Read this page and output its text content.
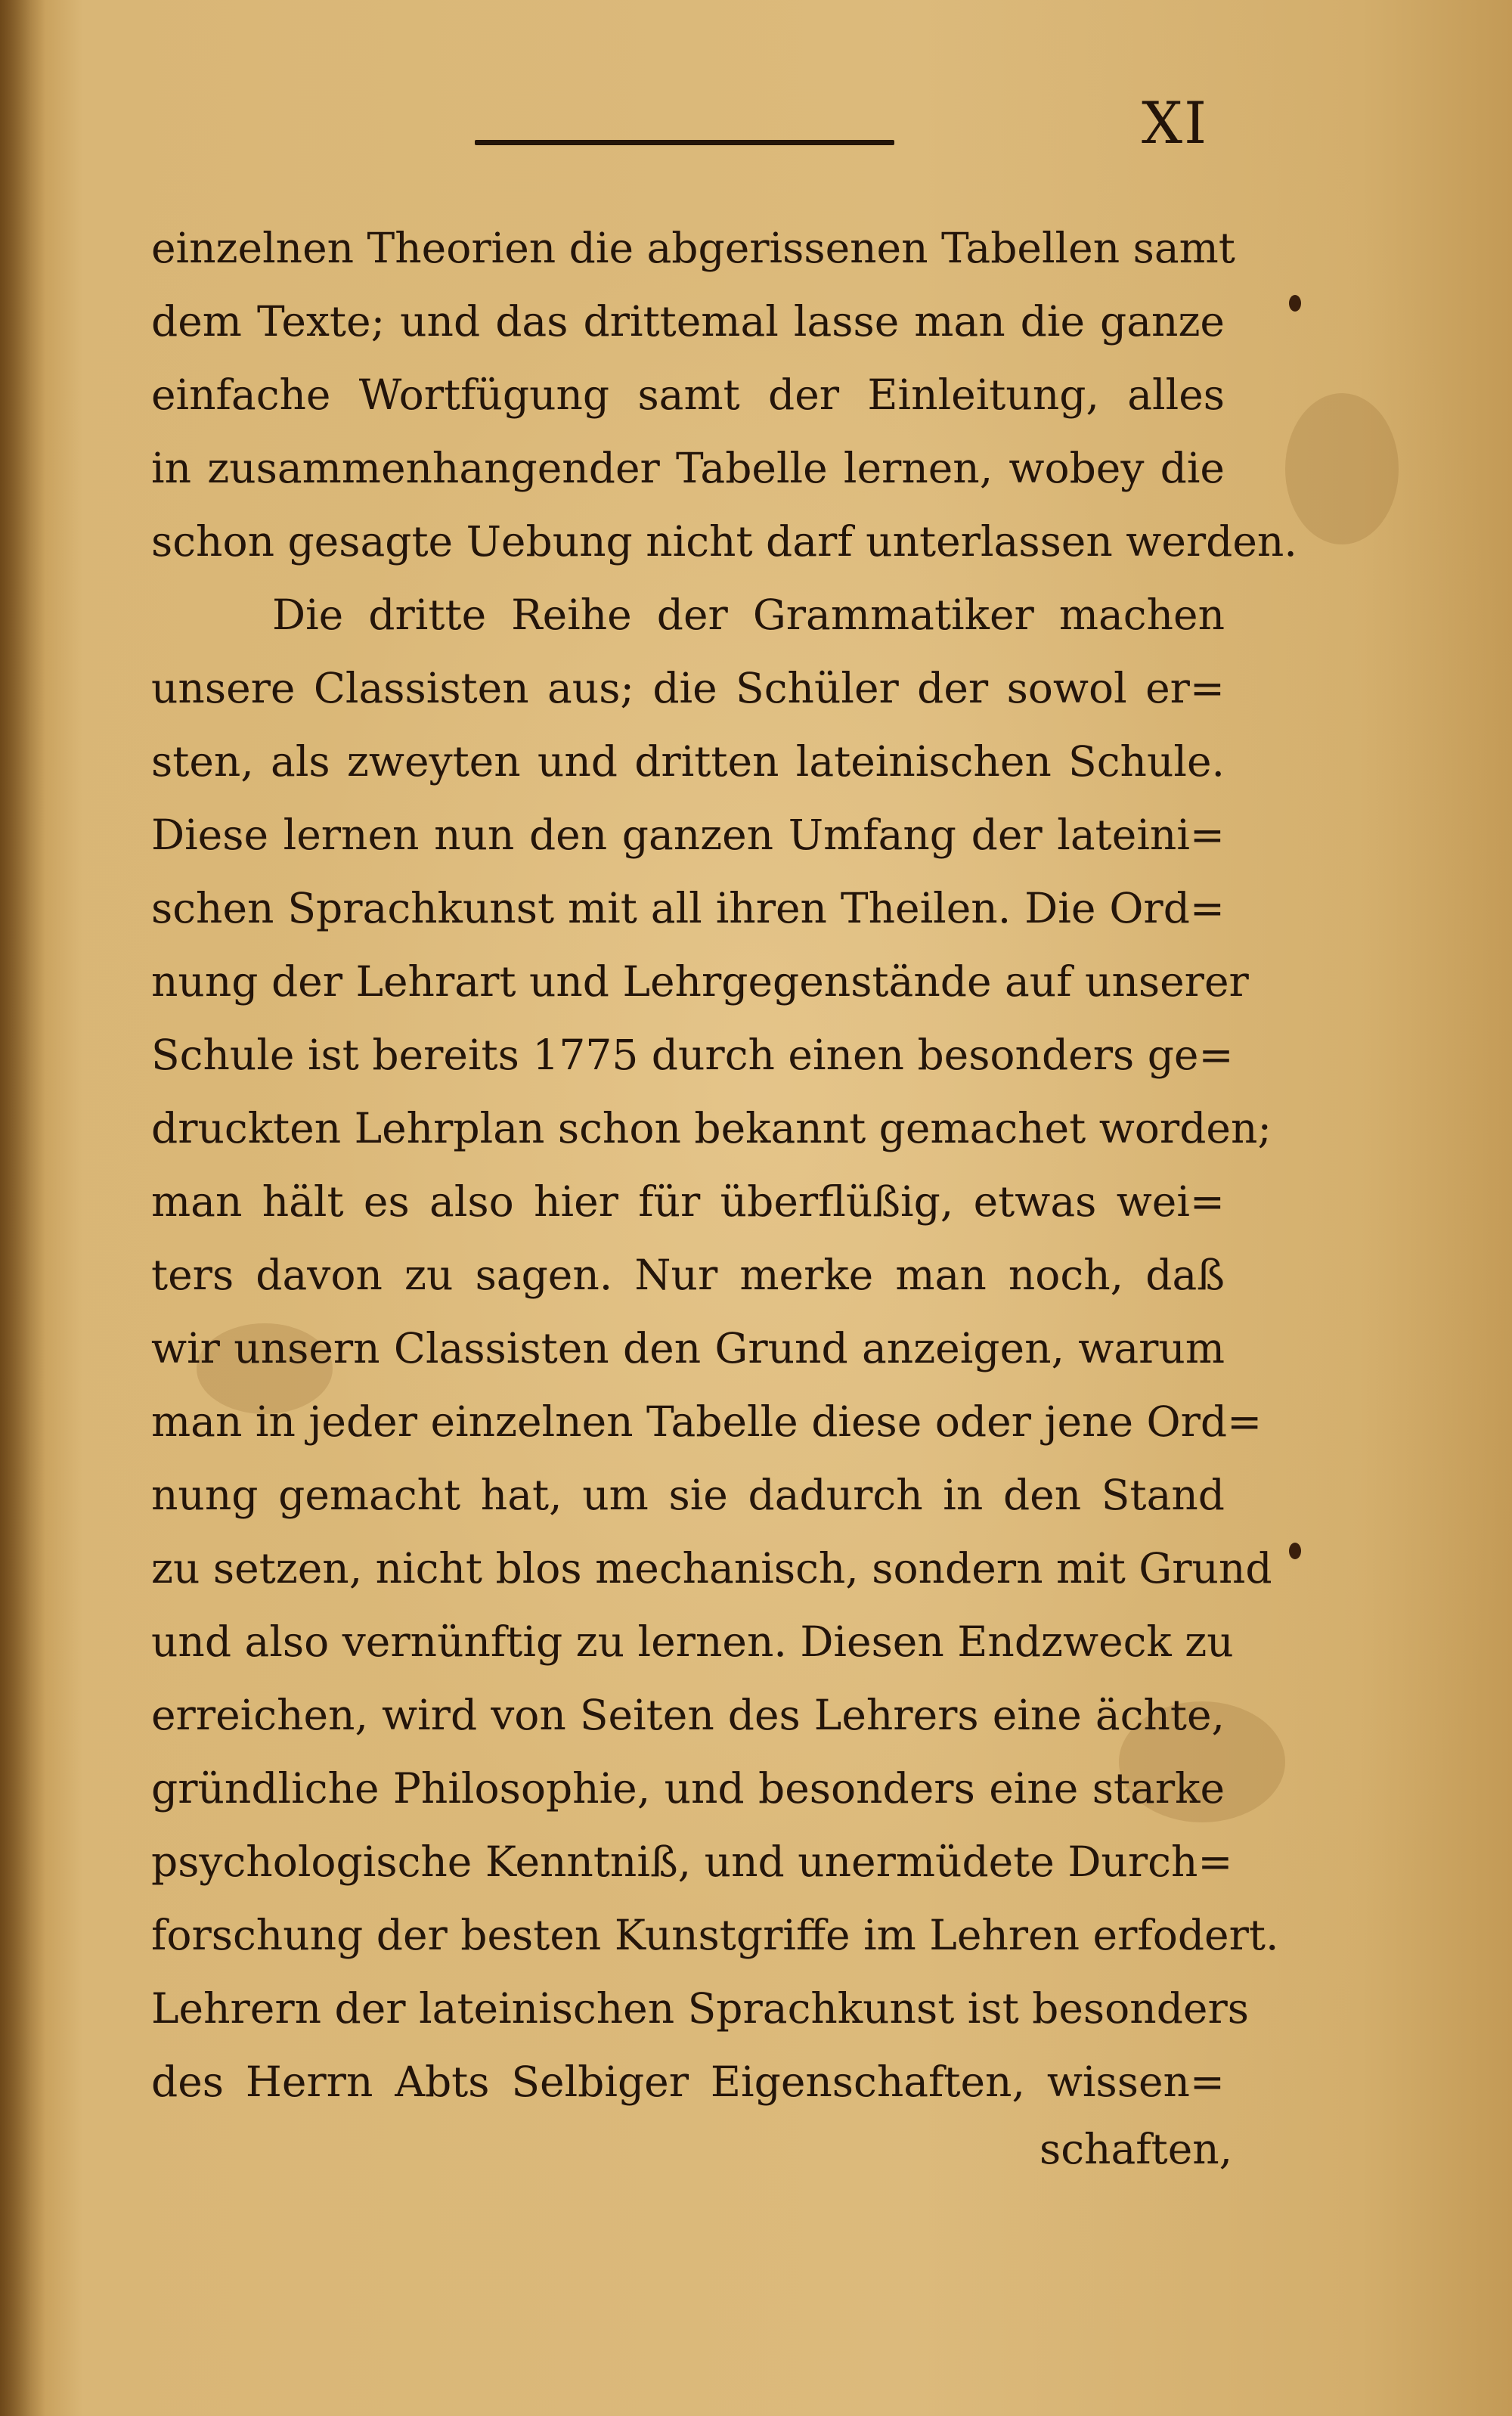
XI
einzelnen Theorien die abgerissenen Tabellen samt
dem Texte; und das drittemal lasse man die ganze
einfache Wortfügung samt der Einleitung, alles
in zusammenhangender Tabelle lernen, wobey die
schon gesagte Uebung nicht darf unterlassen werden.
Die dritte Reihe der Grammatiker machen
unsere Classisten aus; die Schüler der sowol er=
sten, als zweyten und dritten lateinischen Schule.
Diese lernen nun den ganzen Umfang der lateini=
schen Sprachkunst mit all ihren Theilen. Die Ord=
nung der Lehrart und Lehrgegenstände auf unserer
Schule ist bereits 1775 durch einen besonders ge=
druckten Lehrplan schon bekannt gemachet worden;
man hält es also hier für überflüßig, etwas wei=
ters davon zu sagen. Nur merke man noch, daß
wir unsern Classisten den Grund anzeigen, warum
man in jeder einzelnen Tabelle diese oder jene Ord=
nung gemacht hat, um sie dadurch in den Stand
zu setzen, nicht blos mechanisch, sondern mit Grund
und also vernünftig zu lernen. Diesen Endzweck zu
erreichen, wird von Seiten des Lehrers eine ächte,
gründliche Philosophie, und besonders eine starke
psychologische Kenntniß, und unermüdete Durch=
forschung der besten Kunstgriffe im Lehren erfodert.
Lehrern der lateinischen Sprachkunst ist besonders
des Herrn Abts Selbiger Eigenschaften, wissen=
schaften,
